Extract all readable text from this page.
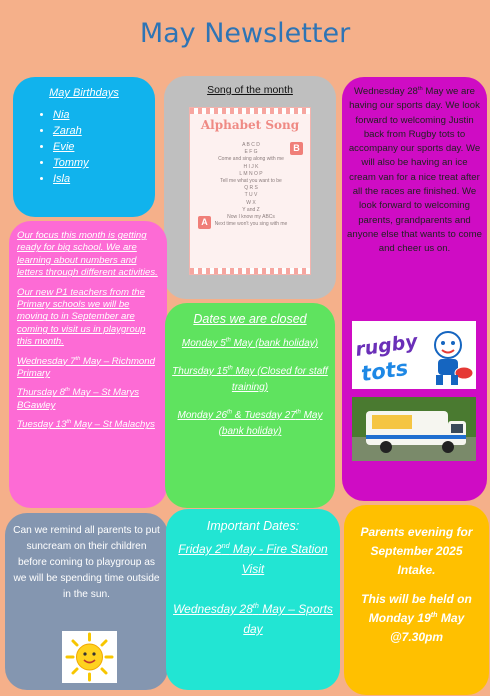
May Newsletter
May Birthdays
• Nia
• Zarah
• Evie
• Tommy
• Isla
Song of the month
Alphabet Song
A B C D
E F G
Come and sing along with me
H I J K
L M N O P
Tell me what you want to be
Q R S
T U V
W X
Y and Z
Now I know my ABCs
Next time won't you sing with me
B
A

Our focus this month is getting ready for big school. We are learning about numbers and letters through different activities.

Our new P1 teachers from the Primary schools we will be moving to in September are coming to visit us in playgroup this month.

Wednesday 7th May – Richmond Primary

Thursday 8th May – St Marys BGawley

Tuesday 13th May – St Malachys

Dates we are closed

Monday 5th May (bank holiday)

Thursday 15th May (Closed for staff training)

Monday 26th & Tuesday 27th May (bank holiday)

Wednesday 28th May we are having our sports day. We look forward to welcoming Justin back from Rugby tots to accompany our sports day. We will also be having an ice cream van for a nice treat after all the races are finished. We look forward to welcoming parents, grandparents and anyone else that wants to come and cheer us on.
rugby
tots
Can we remind all parents to put suncream on their children before coming to playgroup as we will be spending time outside in the sun.
Important Dates:

Friday 2nd May - Fire Station Visit

Wednesday 28th May – Sports day

Parents evening for September 2025 Intake.

This will be held on Monday 19th May @7.30pm
